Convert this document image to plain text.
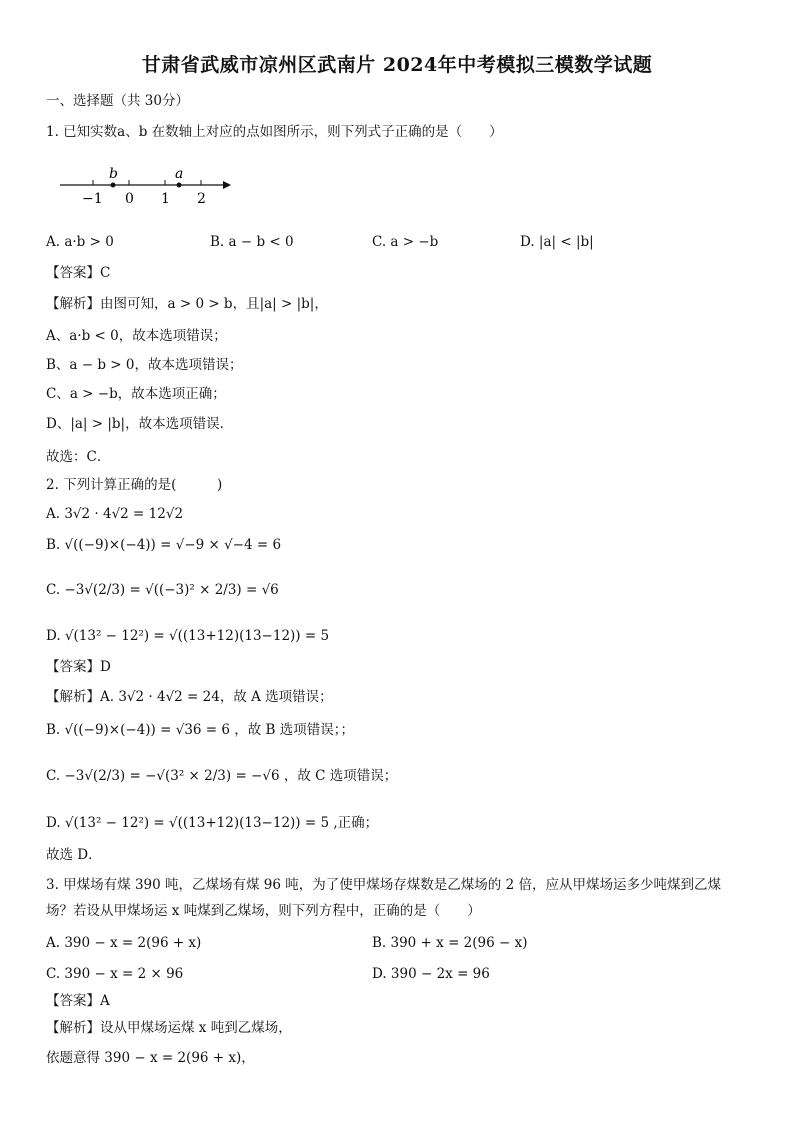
甘肃省武威市凉州区武南片 2024年中考模拟三模数学试题
一、选择题（共 30分）
1. 已知实数a、b 在数轴上对应的点如图所示，则下列式子正确的是（　　）
b	a
−1 0 1 2
A. a·b > 0	B. a − b < 0	C. a > −b	D. |a| < |b|
【答案】C
【解析】由图可知，a > 0 > b，且|a| > |b|，
A、a·b < 0，故本选项错误；
B、a − b > 0，故本选项错误；
C、a > −b，故本选项正确；
D、|a| > |b|，故本选项错误．
故选：C．
2. 下列计算正确的是(　　　)
A. 3√2 · 4√2 = 12√2
B. √((−9)×(−4)) = √−9 × √−4 = 6
C. −3√(2/3) = √((−3)² × 2/3) = √6
D. √(13² − 12²) = √((13+12)(13−12)) = 5
【答案】D
【解析】A. 3√2 · 4√2 = 24，故 A 选项错误；
B. √((−9)×(−4)) = √36 = 6 ，故 B 选项错误；；
C. −3√(2/3) = −√(3² × 2/3) = −√6 ，故 C 选项错误；
D. √(13² − 12²) = √((13+12)(13−12)) = 5 ,正确；
故选 D．
3. 甲煤场有煤 390 吨，乙煤场有煤 96 吨，为了使甲煤场存煤数是乙煤场的 2 倍，应从甲煤场运多少吨煤到乙煤
场？若设从甲煤场运 x 吨煤到乙煤场，则下列方程中，正确的是（　　）
A. 390 − x = 2(96 + x)	B. 390 + x = 2(96 − x)
C. 390 − x = 2 × 96	D. 390 − 2x = 96
【答案】A
【解析】设从甲煤场运煤 x 吨到乙煤场，
依题意得 390 − x = 2(96 + x)，
